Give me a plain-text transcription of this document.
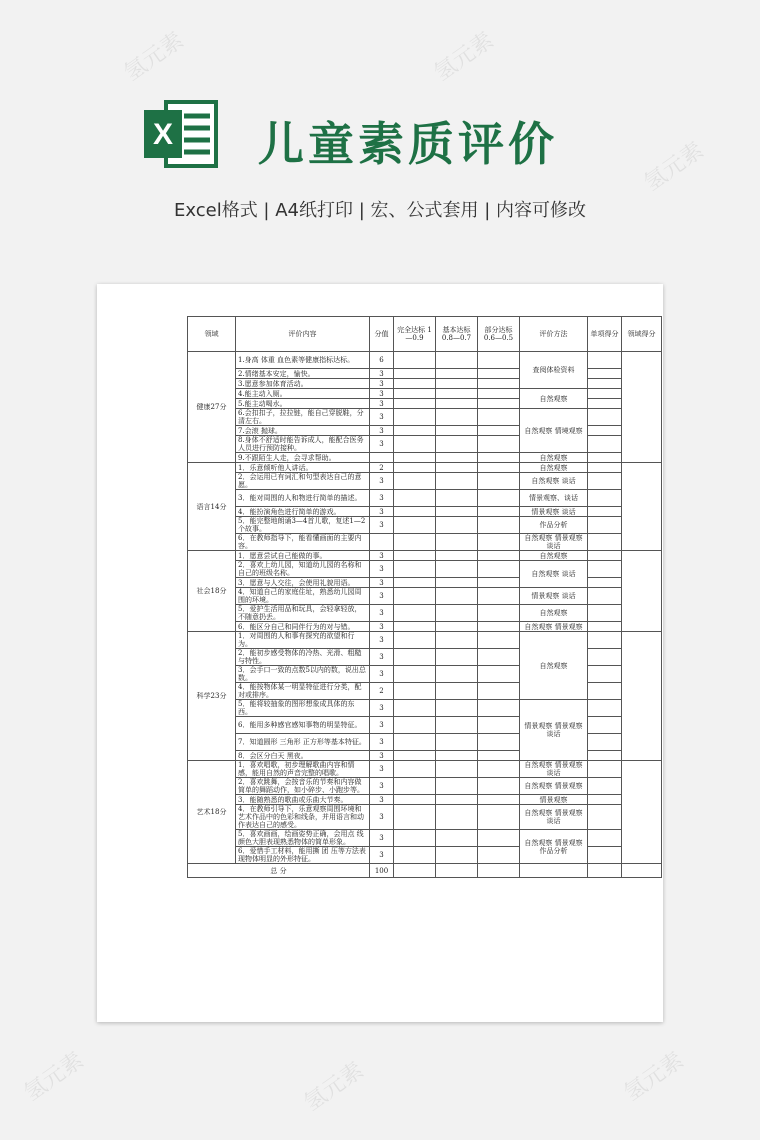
X 儿童素质评价
Excel格式 | A4纸打印 | 宏、公式套用 | 内容可修改
氢元素	氢元素
氢元素
氢元素	氢元素	氢元素
领域	评价内容	分值	完全达标 1—0.9	基本达标 0.8—0.7	部分达标 0.6—0.5	评价方法	单项得分	领域得分
健康27分	1.身高 体重 血色素等健康指标达标。	6				查阅体检资料		
	2.情绪基本安定，愉快。	3						
	3.愿意参加体育活动。	3						
	4.能主动入厕。	3				自然观察		
	5.能主动喝水。	3						
	6.会扣扣子，拉拉链，能自己穿脱鞋，分清左右。	3				自然观察 情境观察		
	7.会滚 抛球。	3						
	8.身体不舒适时能告诉成人，能配合医务人员进行预防接种。	3						
	9.不跟陌生人走，会寻求帮助。					自然观察		
语言14分	1．乐意倾听他人讲话。	2				自然观察		
	2．会运用已有词汇和句型表达自己的意愿。	3				自然观察 谈话		
	3．能对周围的人和物进行简单的描述。	3				情景观察、谈话		
	4．能扮演角色进行简单的游戏。	3				情景观察 谈话		
	5．能完整地朗诵3—4首儿歌，复述1—2个故事。	3				作品分析		
	6．在教师指导下，能看懂画面的主要内容。					自然观察 情景观察 谈话		
社会18分	1．愿意尝试自己能做的事。	3				自然观察		
	2．喜欢上幼儿园，知道幼儿园的名称和自己的班级名称。	3				自然观察 谈话		
	3．愿意与人交往，会使用礼貌用语。	3						
	4．知道自己的家庭住址，熟悉幼儿园周围的环境。	3				情景观察 谈话		
	5．爱护生活用品和玩具，会轻拿轻放，不随意扔丢。	3				自然观察		
	6．能区分自己和同伴行为的对与错。	3				自然观察 情景观察		
科学23分	1．对周围的人和事有探究的欲望和行为。	3				自然观察		
	2．能初步感受物体的冷热、光滑、粗糙与特性。	3						
	3．会手口一致的点数5以内的数，说出总数。	3						
	4．能按物体某一明显特征进行分类，配对或排序。	2						
	5．能将较抽象的图形想象成具体的东西。	3				情景观察 情景观察 谈话		
	6．能用多种感官感知事物的明显特征。	3						
	7．知道圆形 三角形 正方形等基本特征。	3						
	8．会区分白天 黑夜。	3						
艺术18分	1．喜欢唱歌，初步理解歌曲内容和情感，能用自然的声音完整的唱歌。	3				自然观察 情景观察 谈话		
	2．喜欢跳舞，会按音乐的节奏和内容做简单的舞蹈动作，如小碎步、小跑步等。	3				自然观察 情景观察		
	3．能随熟悉的歌曲或乐曲大节奏。	3				情景观察		
	4．在教师引导下，乐意观察周围环境和艺术作品中的色彩和线条，并用语言和动作表达自己的感受。	3				自然观察 情景观察 谈话		
	5．喜欢画画，绘画姿势正确，会用点 线 颜色大胆表现熟悉物体的简单形象。	3				自然观察 情景观察 作品分析		
	6．爱惜手工材料，能用撕 团 压等方法表现物体明显的外形特征。	3						
总 分		100						
